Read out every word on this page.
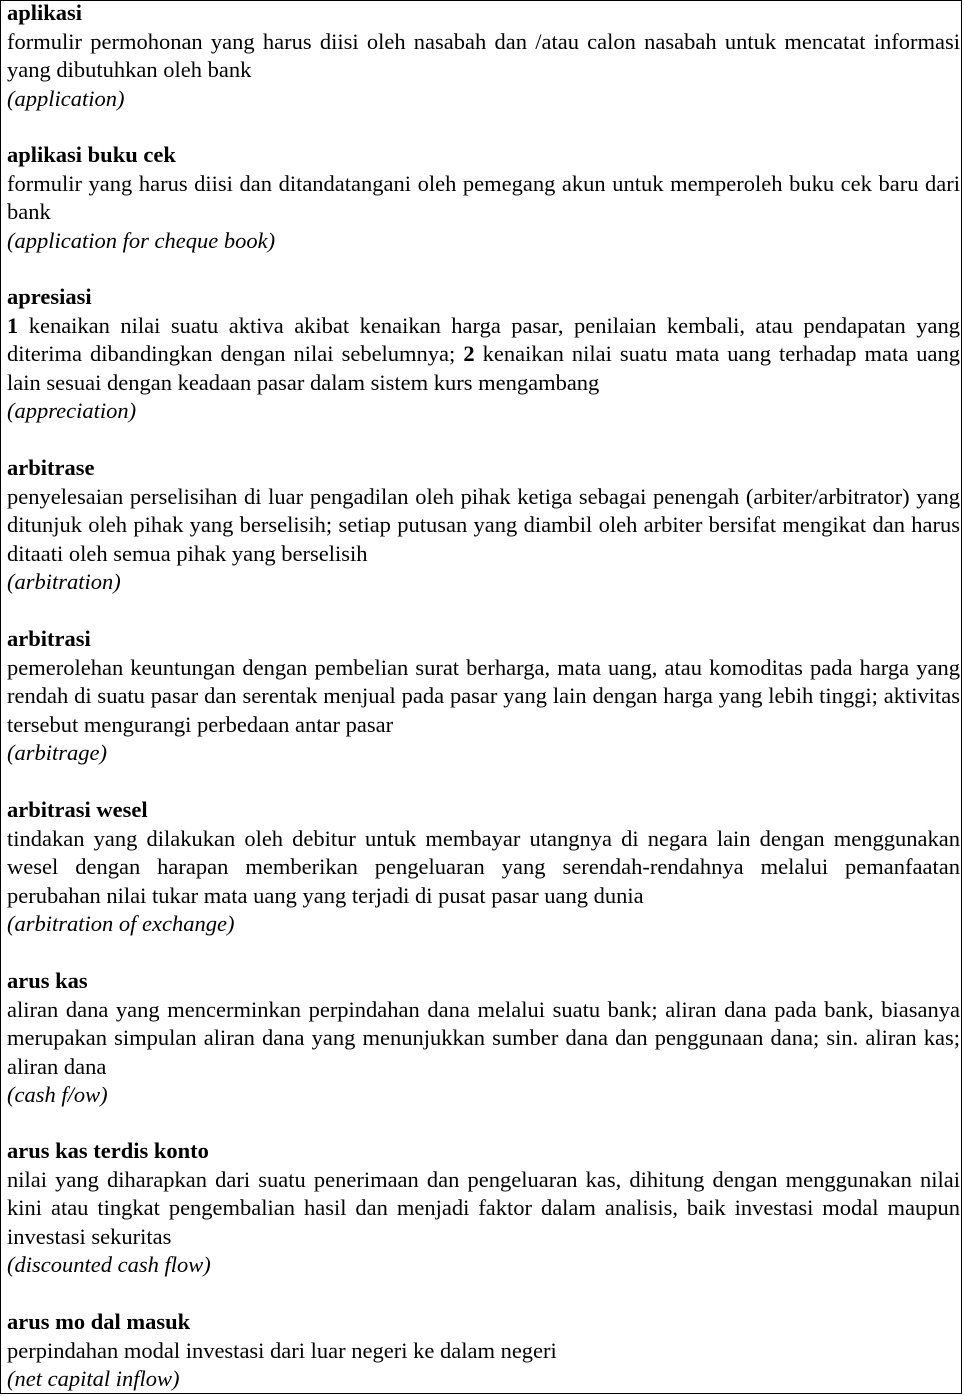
aplikasi
formulir permohonan yang harus diisi oleh nasabah dan /atau calon nasabah untuk mencatat informasi yang dibutuhkan oleh bank
(application)
aplikasi buku cek
formulir yang harus diisi dan ditandatangani oleh pemegang akun untuk memperoleh buku cek baru dari bank
(application for cheque book)
apresiasi
1 kenaikan nilai suatu aktiva akibat kenaikan harga pasar, penilaian kembali, atau pendapatan yang diterima dibandingkan dengan nilai sebelumnya; 2 kenaikan nilai suatu mata uang terhadap mata uang lain sesuai dengan keadaan pasar dalam sistem kurs mengambang
(appreciation)
arbitrase
penyelesaian perselisihan di luar pengadilan oleh pihak ketiga sebagai penengah (arbiter/arbitrator) yang ditunjuk oleh pihak yang berselisih; setiap putusan yang diambil oleh arbiter bersifat mengikat dan harus ditaati oleh semua pihak yang berselisih
(arbitration)
arbitrasi
pemerolehan keuntungan dengan pembelian surat berharga, mata uang, atau komoditas pada harga yang rendah di suatu pasar dan serentak menjual pada pasar yang lain dengan harga yang lebih tinggi; aktivitas tersebut mengurangi perbedaan antar pasar
(arbitrage)
arbitrasi wesel
tindakan yang dilakukan oleh debitur untuk membayar utangnya di negara lain dengan menggunakan wesel dengan harapan memberikan pengeluaran yang serendah-rendahnya melalui pemanfaatan perubahan nilai tukar mata uang yang terjadi di pusat pasar uang dunia
(arbitration of exchange)
arus kas
aliran dana yang mencerminkan perpindahan dana melalui suatu bank; aliran dana pada bank, biasanya merupakan simpulan aliran dana yang menunjukkan sumber dana dan penggunaan dana; sin. aliran kas; aliran dana
(cash f/ow)
arus kas terdis konto
nilai yang diharapkan dari suatu penerimaan dan pengeluaran kas, dihitung dengan menggunakan nilai kini atau tingkat pengembalian hasil dan menjadi faktor dalam analisis, baik investasi modal maupun investasi sekuritas
(discounted cash flow)
arus mo dal masuk
perpindahan modal investasi dari luar negeri ke dalam negeri
(net capital inflow)
